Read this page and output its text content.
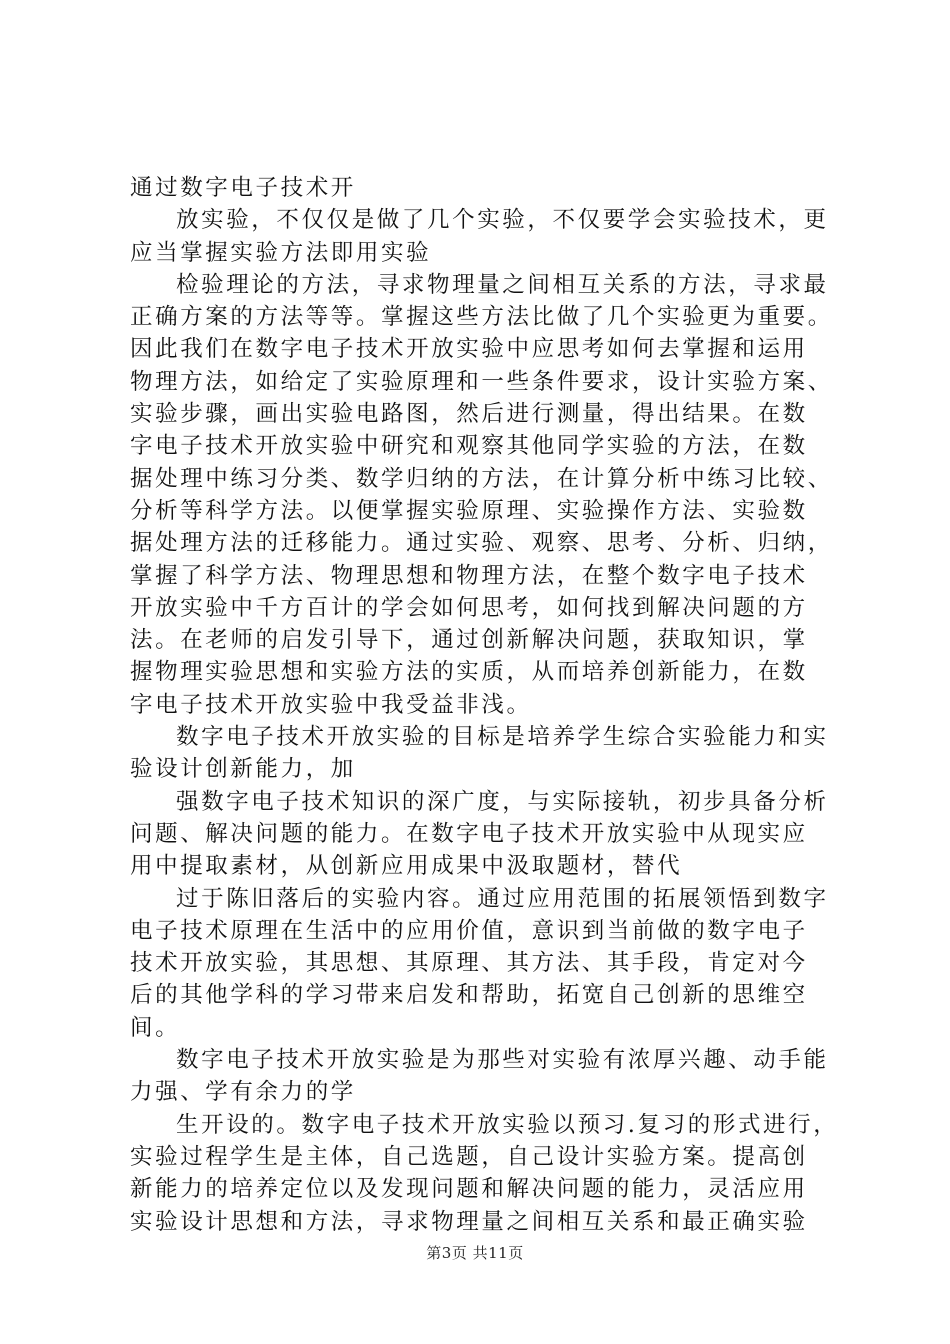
通过数字电子技术开
放实验，不仅仅是做了几个实验，不仅要学会实验技术，更
应当掌握实验方法即用实验
检验理论的方法，寻求物理量之间相互关系的方法，寻求最
正确方案的方法等等。掌握这些方法比做了几个实验更为重要。
因此我们在数字电子技术开放实验中应思考如何去掌握和运用
物理方法，如给定了实验原理和一些条件要求，设计实验方案、
实验步骤，画出实验电路图，然后进行测量，得出结果。在数
字电子技术开放实验中研究和观察其他同学实验的方法，在数
据处理中练习分类、数学归纳的方法，在计算分析中练习比较、
分析等科学方法。以便掌握实验原理、实验操作方法、实验数
据处理方法的迁移能力。通过实验、观察、思考、分析、归纳，
掌握了科学方法、物理思想和物理方法，在整个数字电子技术
开放实验中千方百计的学会如何思考，如何找到解决问题的方
法。在老师的启发引导下，通过创新解决问题，获取知识，掌
握物理实验思想和实验方法的实质，从而培养创新能力，在数
字电子技术开放实验中我受益非浅。
数字电子技术开放实验的目标是培养学生综合实验能力和实
验设计创新能力，加
强数字电子技术知识的深广度，与实际接轨，初步具备分析
问题、解决问题的能力。在数字电子技术开放实验中从现实应
用中提取素材，从创新应用成果中汲取题材，替代
过于陈旧落后的实验内容。通过应用范围的拓展领悟到数字
电子技术原理在生活中的应用价值，意识到当前做的数字电子
技术开放实验，其思想、其原理、其方法、其手段，肯定对今
后的其他学科的学习带来启发和帮助，拓宽自己创新的思维空
间。
数字电子技术开放实验是为那些对实验有浓厚兴趣、动手能
力强、学有余力的学
生开设的。数字电子技术开放实验以预习.复习的形式进行，
实验过程学生是主体，自己选题，自己设计实验方案。提高创
新能力的培养定位以及发现问题和解决问题的能力，灵活应用
实验设计思想和方法，寻求物理量之间相互关系和最正确实验
第3页 共11页
